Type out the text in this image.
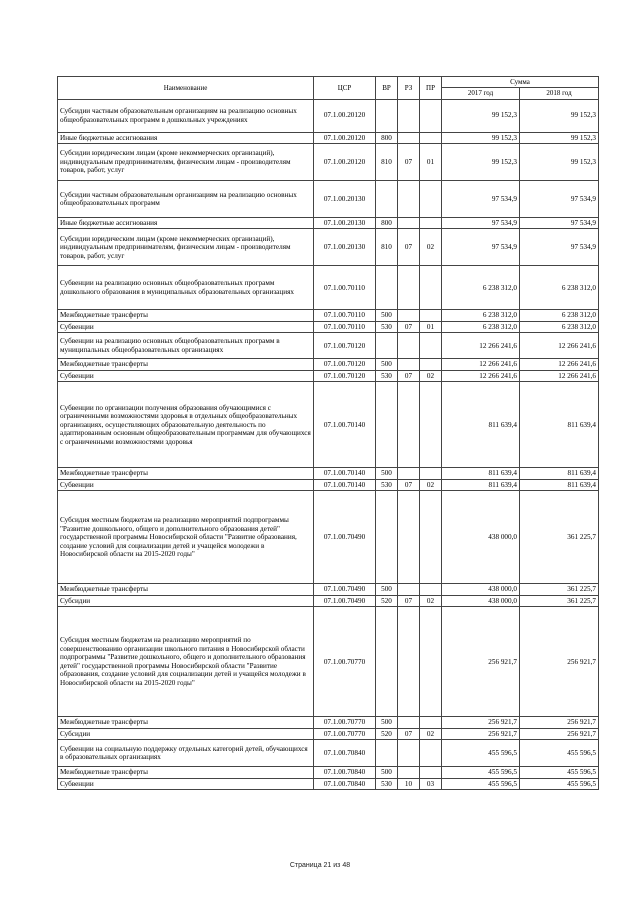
Наименование	ЦСР	ВР	РЗ	ПР	Сумма	
					2017 год	2018 год
Субсидии частным образовательным организациям на реализацию основных общеобразовательных программ в дошкольных учреждениях	07.1.00.20120				99 152,3	99 152,3
Иные бюджетные ассигнования	07.1.00.20120	800			99 152,3	99 152,3
Субсидии юридическим лицам (кроме некоммерческих организаций), индивидуальным предпринимателям, физическим лицам - производителям товаров, работ, услуг	07.1.00.20120	810	07	01	99 152,3	99 152,3
Субсидии частным образовательным организациям на реализацию основных общеобразовательных программ	07.1.00.20130				97 534,9	97 534,9
Иные бюджетные ассигнования	07.1.00.20130	800			97 534,9	97 534,9
Субсидии юридическим лицам (кроме некоммерческих организаций), индивидуальным предпринимателям, физическим лицам - производителям товаров, работ, услуг	07.1.00.20130	810	07	02	97 534,9	97 534,9
Субвенции на реализацию основных общеобразовательных программ дошкольного образования в муниципальных образовательных организациях	07.1.00.70110				6 238 312,0	6 238 312,0
Межбюджетные трансферты	07.1.00.70110	500			6 238 312,0	6 238 312,0
Субвенции	07.1.00.70110	530	07	01	6 238 312,0	6 238 312,0
Субвенции на реализацию основных общеобразовательных программ в муниципальных общеобразовательных организациях	07.1.00.70120				12 266 241,6	12 266 241,6
Межбюджетные трансферты	07.1.00.70120	500			12 266 241,6	12 266 241,6
Субвенции	07.1.00.70120	530	07	02	12 266 241,6	12 266 241,6
Субвенции по организации получения образования обучающимися с ограниченными возможностями здоровья в отдельных общеобразовательных организациях, осуществляющих образовательную деятельность по адаптированным основным общеобразовательным программам для обучающихся с ограниченными возможностями здоровья	07.1.00.70140				811 639,4	811 639,4
Межбюджетные трансферты	07.1.00.70140	500			811 639,4	811 639,4
Субвенции	07.1.00.70140	530	07	02	811 639,4	811 639,4
Субсидия местным бюджетам на реализацию мероприятий подпрограммы "Развитие дошкольного, общего и дополнительного образования детей" государственной программы Новосибирской области "Развитие образования, создание условий для социализации детей и учащейся молодежи в Новосибирской области на 2015-2020 годы"	07.1.00.70490				438 000,0	361 225,7
Межбюджетные трансферты	07.1.00.70490	500			438 000,0	361 225,7
Субсидии	07.1.00.70490	520	07	02	438 000,0	361 225,7
Субсидия местным бюджетам на реализацию мероприятий по совершенствованию организации школьного питания в Новосибирской области подпрограммы "Развитие дошкольного, общего и дополнительного образования детей" государственной программы Новосибирской области "Развитие образования, создание условий для социализации детей и учащейся молодежи в Новосибирской области на 2015-2020 годы"	07.1.00.70770				256 921,7	256 921,7
Межбюджетные трансферты	07.1.00.70770	500			256 921,7	256 921,7
Субсидии	07.1.00.70770	520	07	02	256 921,7	256 921,7
Субвенции на социальную поддержку отдельных категорий детей, обучающихся в образовательных организациях	07.1.00.70840				455 596,5	455 596,5
Межбюджетные трансферты	07.1.00.70840	500			455 596,5	455 596,5
Субвенции	07.1.00.70840	530	10	03	455 596,5	455 596,5
Страница 21 из 48
